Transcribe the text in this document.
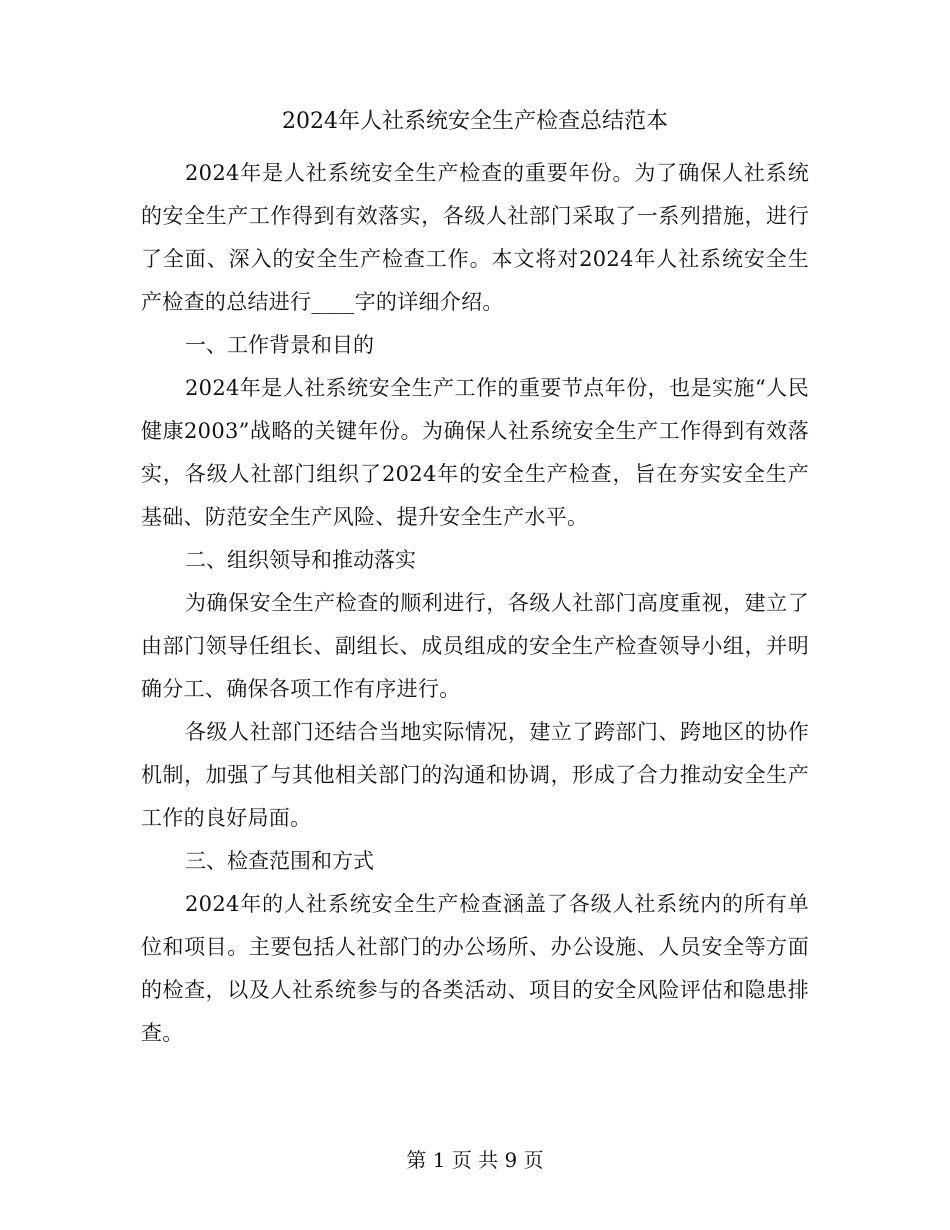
2024年人社系统安全生产检查总结范本

2024年是人社系统安全生产检查的重要年份。为了确保人社系统的安全生产工作得到有效落实，各级人社部门采取了一系列措施，进行了全面、深入的安全生产检查工作。本文将对2024年人社系统安全生产检查的总结进行____字的详细介绍。

一、工作背景和目的

2024年是人社系统安全生产工作的重要节点年份，也是实施“人民健康2003”战略的关键年份。为确保人社系统安全生产工作得到有效落实，各级人社部门组织了2024年的安全生产检查，旨在夯实安全生产基础、防范安全生产风险、提升安全生产水平。

二、组织领导和推动落实

为确保安全生产检查的顺利进行，各级人社部门高度重视，建立了由部门领导任组长、副组长、成员组成的安全生产检查领导小组，并明确分工、确保各项工作有序进行。

各级人社部门还结合当地实际情况，建立了跨部门、跨地区的协作机制，加强了与其他相关部门的沟通和协调，形成了合力推动安全生产工作的良好局面。

三、检查范围和方式

2024年的人社系统安全生产检查涵盖了各级人社系统内的所有单位和项目。主要包括人社部门的办公场所、办公设施、人员安全等方面的检查，以及人社系统参与的各类活动、项目的安全风险评估和隐患排查。

第 1 页 共 9 页
